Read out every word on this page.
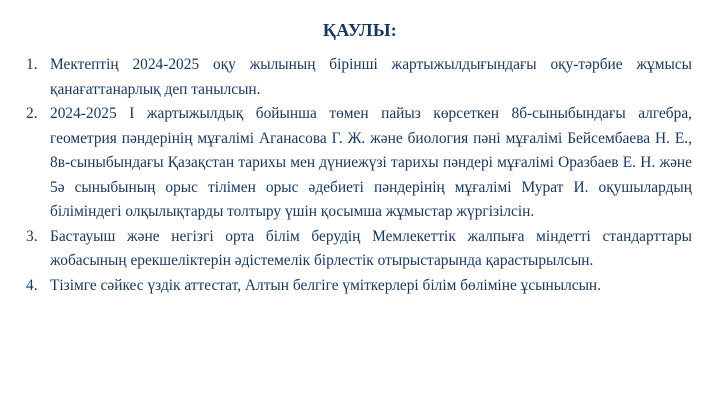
ҚАУЛЫ:
1. Мектептің 2024-2025 оқу жылының бірінші жартыжылдығындағы оқу-тәрбие жұмысы қанағаттанарлық деп танылсын.
2. 2024-2025 I жартыжылдық бойынша төмен пайыз көрсеткен 8б-сыныбындағы алгебра, геометрия пәндерінің мұғалімі Аганасова Г. Ж. және биология пәні мұғалімі Бейсембаева Н. Е., 8в-сыныбындағы Қазақстан тарихы мен дүниежүзі тарихы пәндері мұғалімі Оразбаев Е. Н. және 5ә сыныбының орыс тілімен орыс әдебиеті пәндерінің мұғалімі Мурат И. оқушылардың біліміндегі олқылықтарды толтыру үшін қосымша жұмыстар жүргізілсін.
3. Бастауыш және негізгі орта білім берудің Мемлекеттік жалпыға міндетті стандарттары жобасының ерекшеліктерін әдістемелік бірлестік отырыстарында қарастырылсын.
4. Тізімге сәйкес үздік аттестат, Алтын белгіге үміткерлері білім бөліміне ұсынылсын.
